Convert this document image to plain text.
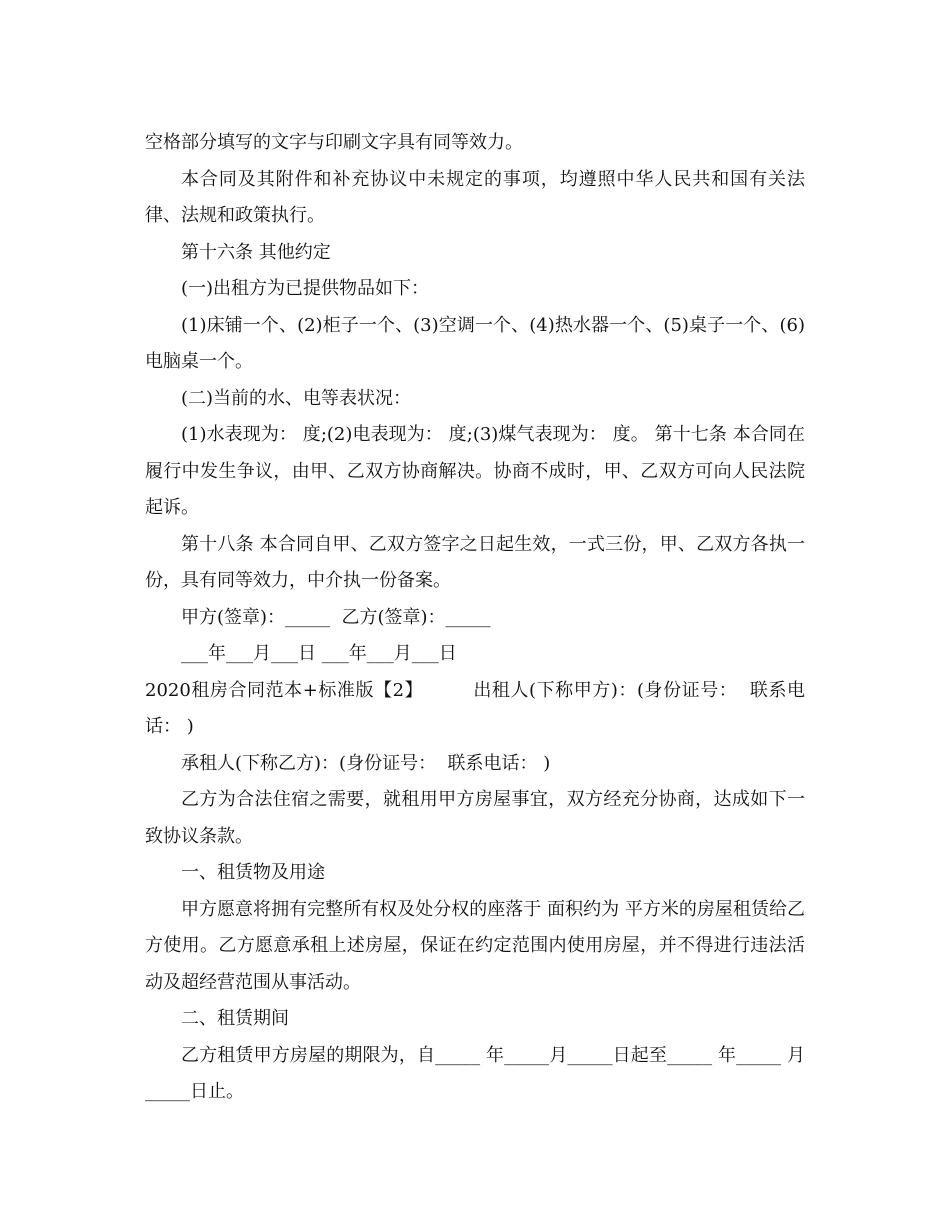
空格部分填写的文字与印刷文字具有同等效力。

本合同及其附件和补充协议中未规定的事项，均遵照中华人民共和国有关法律、法规和政策执行。

第十六条 其他约定

(一)出租方为已提供物品如下：

(1)床铺一个、(2)柜子一个、(3)空调一个、(4)热水器一个、(5)桌子一个、(6)电脑桌一个。

(二)当前的水、电等表状况：

(1)水表现为： 度;(2)电表现为： 度;(3)煤气表现为： 度。 第十七条 本合同在履行中发生争议，由甲、乙双方协商解决。协商不成时，甲、乙双方可向人民法院起诉。

第十八条 本合同自甲、乙双方签字之日起生效，一式三份，甲、乙双方各执一份，具有同等效力，中介执一份备案。

甲方(签章)：_____  乙方(签章)：_____

___年___月___日 ___年___月___日

2020租房合同范本+标准版【2】        出租人(下称甲方)：(身份证号：  联系电话： )

承租人(下称乙方)：(身份证号：  联系电话： )

乙方为合法住宿之需要，就租用甲方房屋事宜，双方经充分协商，达成如下一致协议条款。

一、租赁物及用途

甲方愿意将拥有完整所有权及处分权的座落于 面积约为 平方米的房屋租赁给乙方使用。乙方愿意承租上述房屋，保证在约定范围内使用房屋，并不得进行违法活动及超经营范围从事活动。

二、租赁期间

乙方租赁甲方房屋的期限为，自_____ 年_____月_____日起至_____ 年_____ 月_____日止。
